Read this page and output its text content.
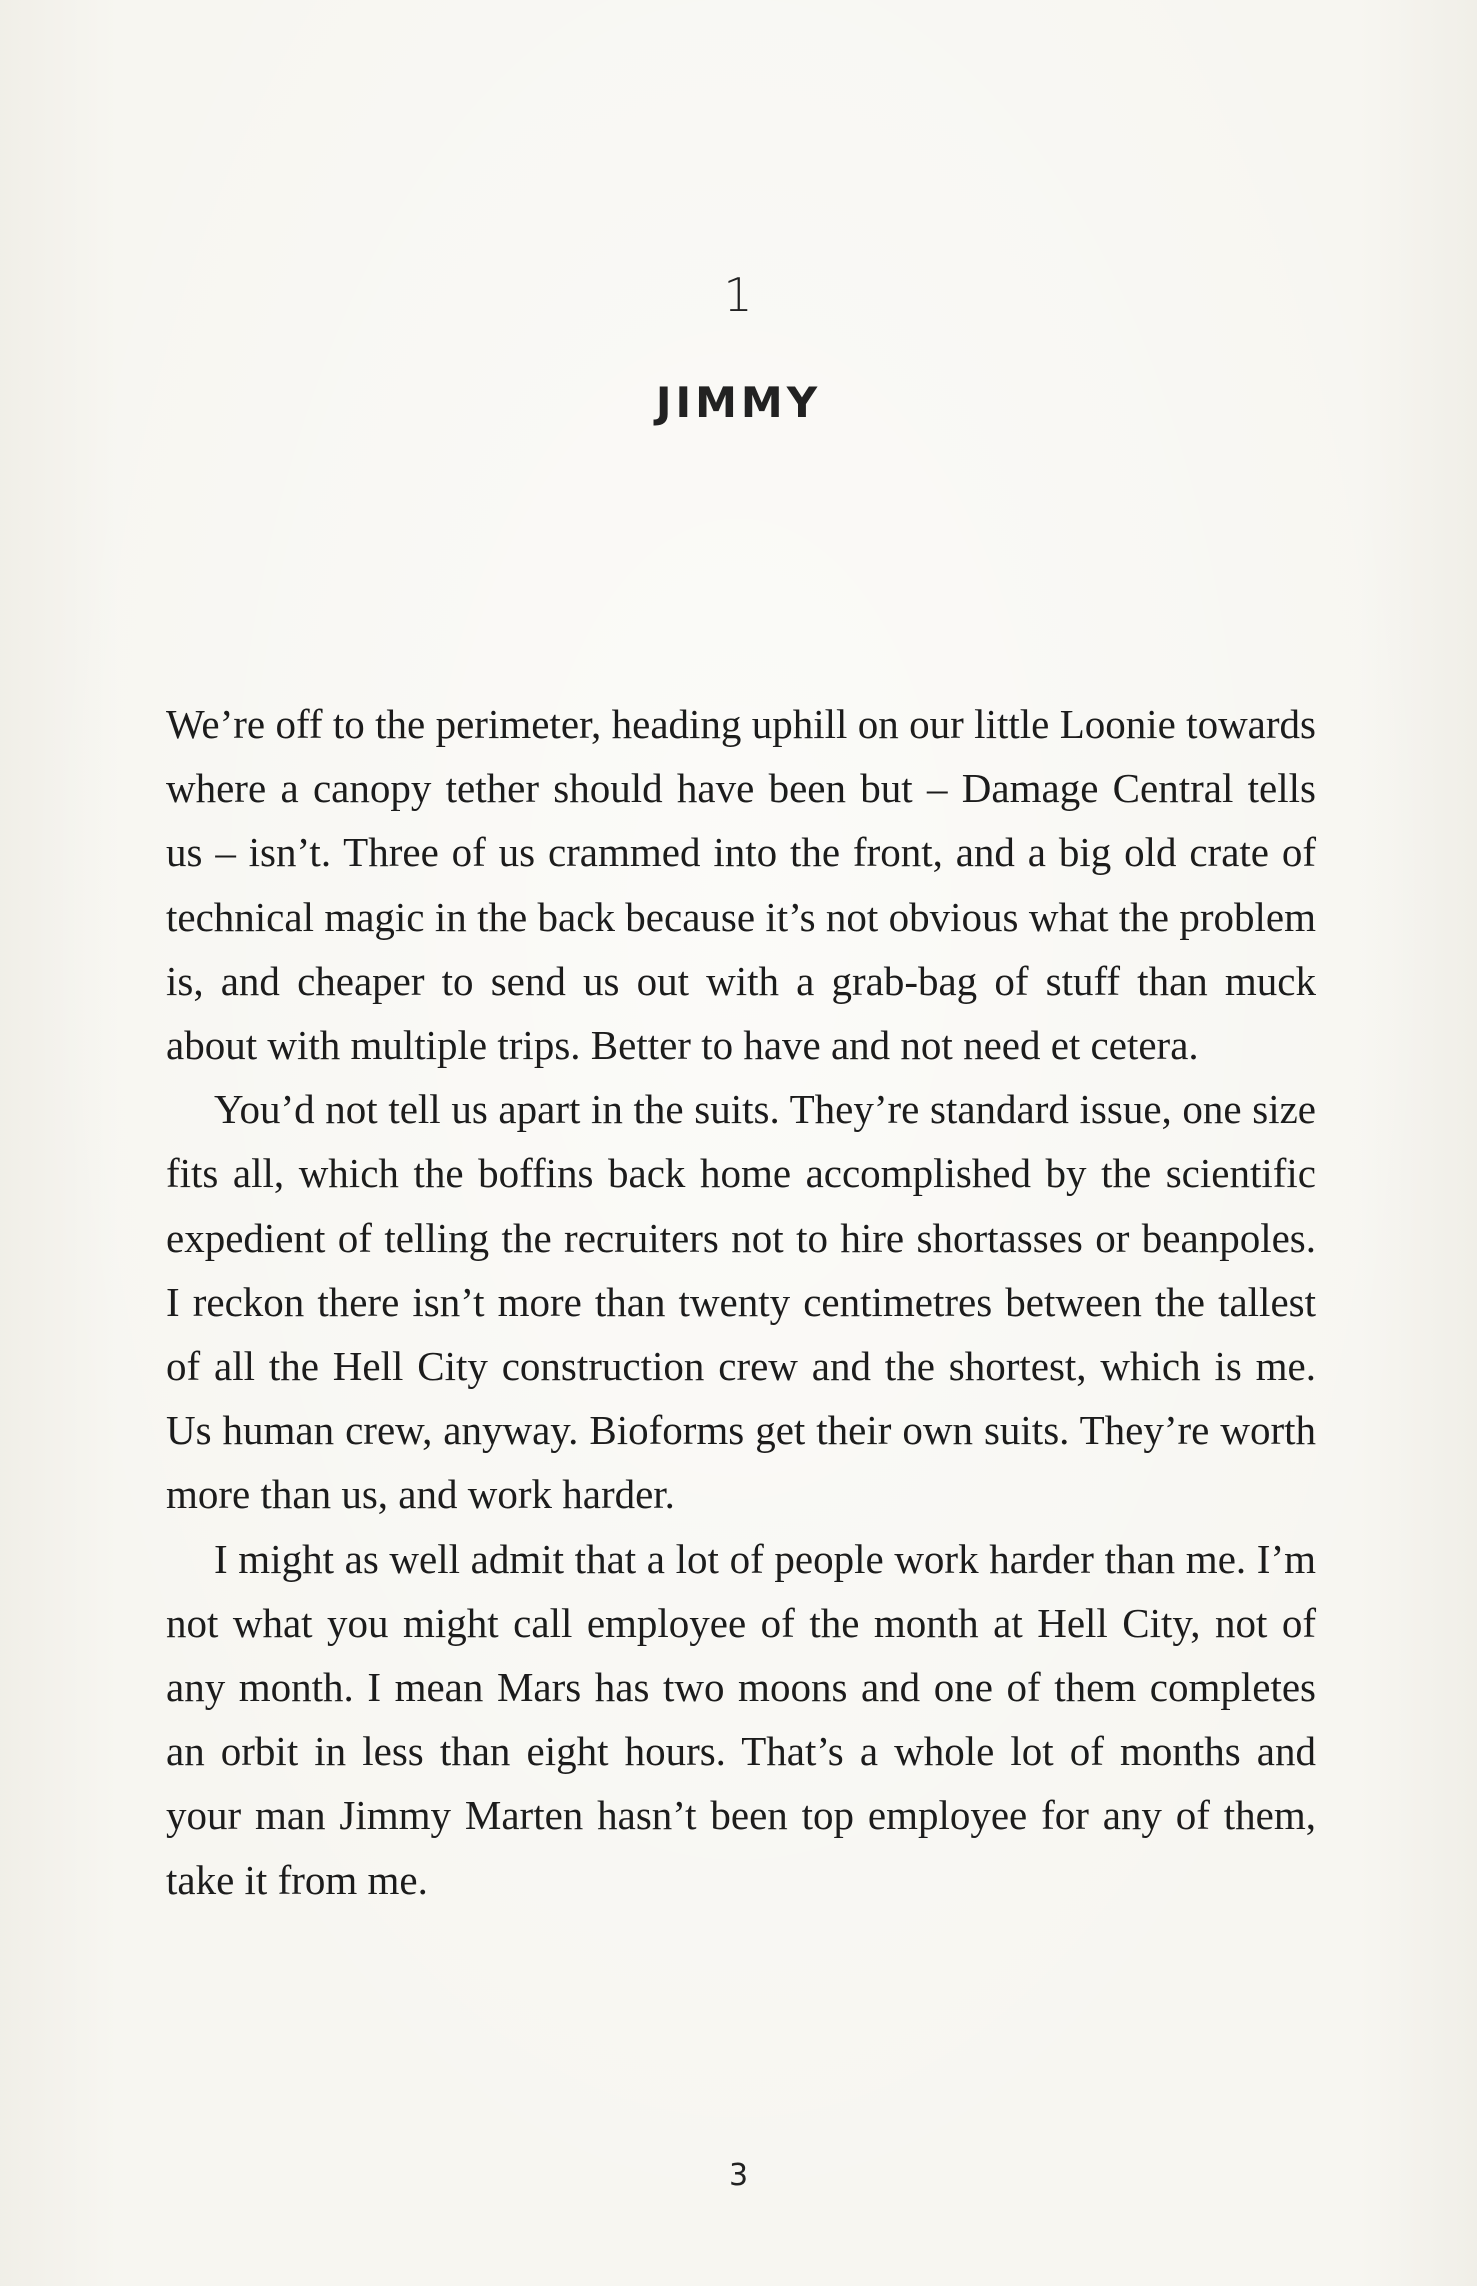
1
JIMMY

We’re off to the perimeter, heading uphill on our little Loonie towards where a canopy tether should have been but – Damage Central tells us – isn’t. Three of us crammed into the front, and a big old crate of technical magic in the back because it’s not obvious what the problem is, and cheaper to send us out with a grab-bag of stuff than muck about with multiple trips. Better to have and not need et cetera.

You’d not tell us apart in the suits. They’re standard issue, one size fits all, which the boffins back home accomplished by the scientific expedient of telling the recruiters not to hire shortasses or beanpoles. I reckon there isn’t more than twenty centimetres between the tallest of all the Hell City construction crew and the shortest, which is me. Us human crew, anyway. Bioforms get their own suits. They’re worth more than us, and work harder.

I might as well admit that a lot of people work harder than me. I’m not what you might call employee of the month at Hell City, not of any month. I mean Mars has two moons and one of them completes an orbit in less than eight hours. That’s a whole lot of months and your man Jimmy Marten hasn’t been top employee for any of them, take it from me.

3
